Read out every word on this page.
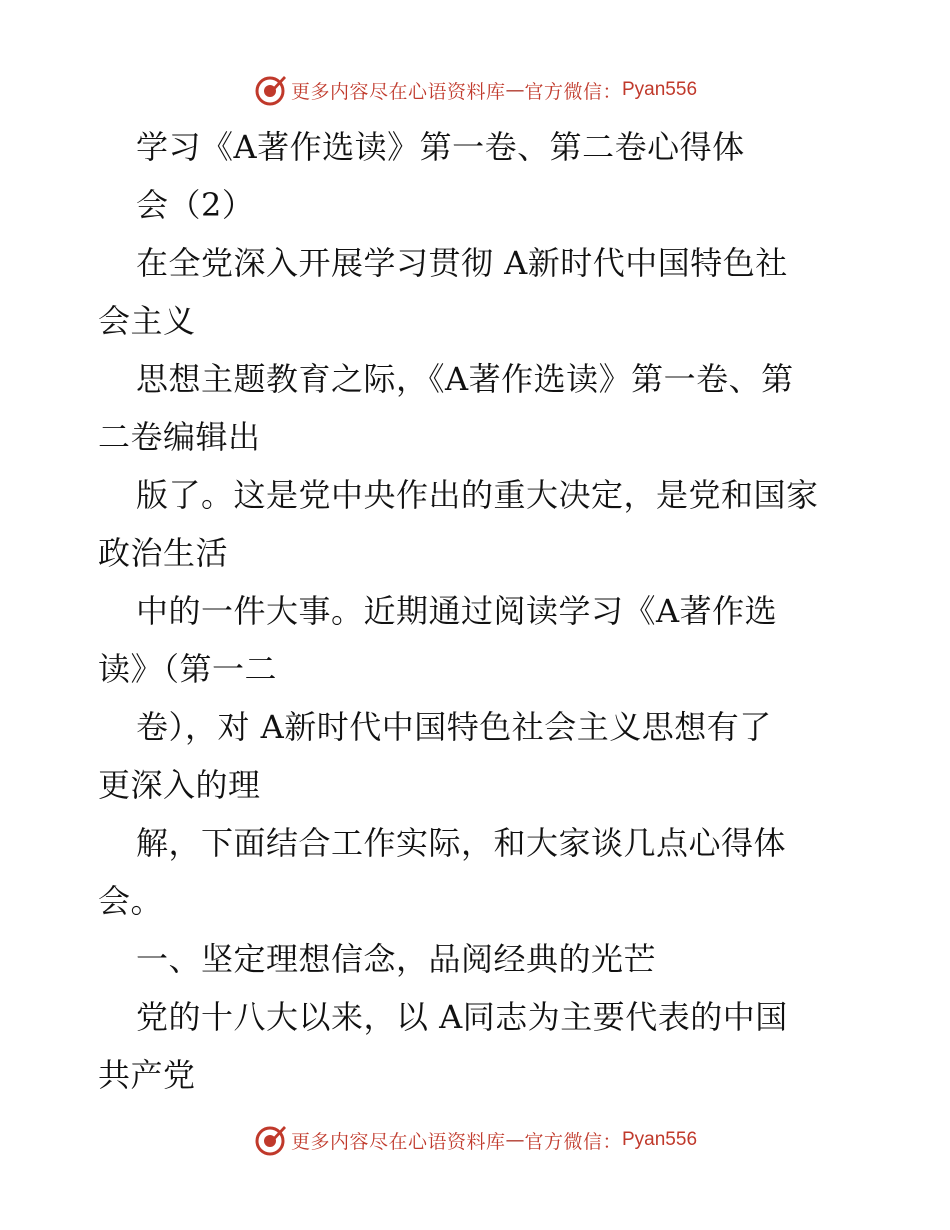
更多内容尽在心语资料库 — 官方微信： Pyan556
学习《A著作选读》第一卷、第二卷心得体
会（2）
在全党深入开展学习贯彻 A新时代中国特色社
会主义
思想主题教育之际，《A著作选读》第一卷、第
二卷编辑出
版了。这是党中央作出的重大决定，是党和国家
政治生活
中的一件大事。近期通过阅读学习《A著作选
读》（第一二
卷），对 A新时代中国特色社会主义思想有了
更深入的理
解，下面结合工作实际，和大家谈几点心得体
会。
一、坚定理想信念，品阅经典的光芒
党的十八大以来，以 A同志为主要代表的中国
共产党
更多内容尽在心语资料库 — 官方微信： Pyan556
